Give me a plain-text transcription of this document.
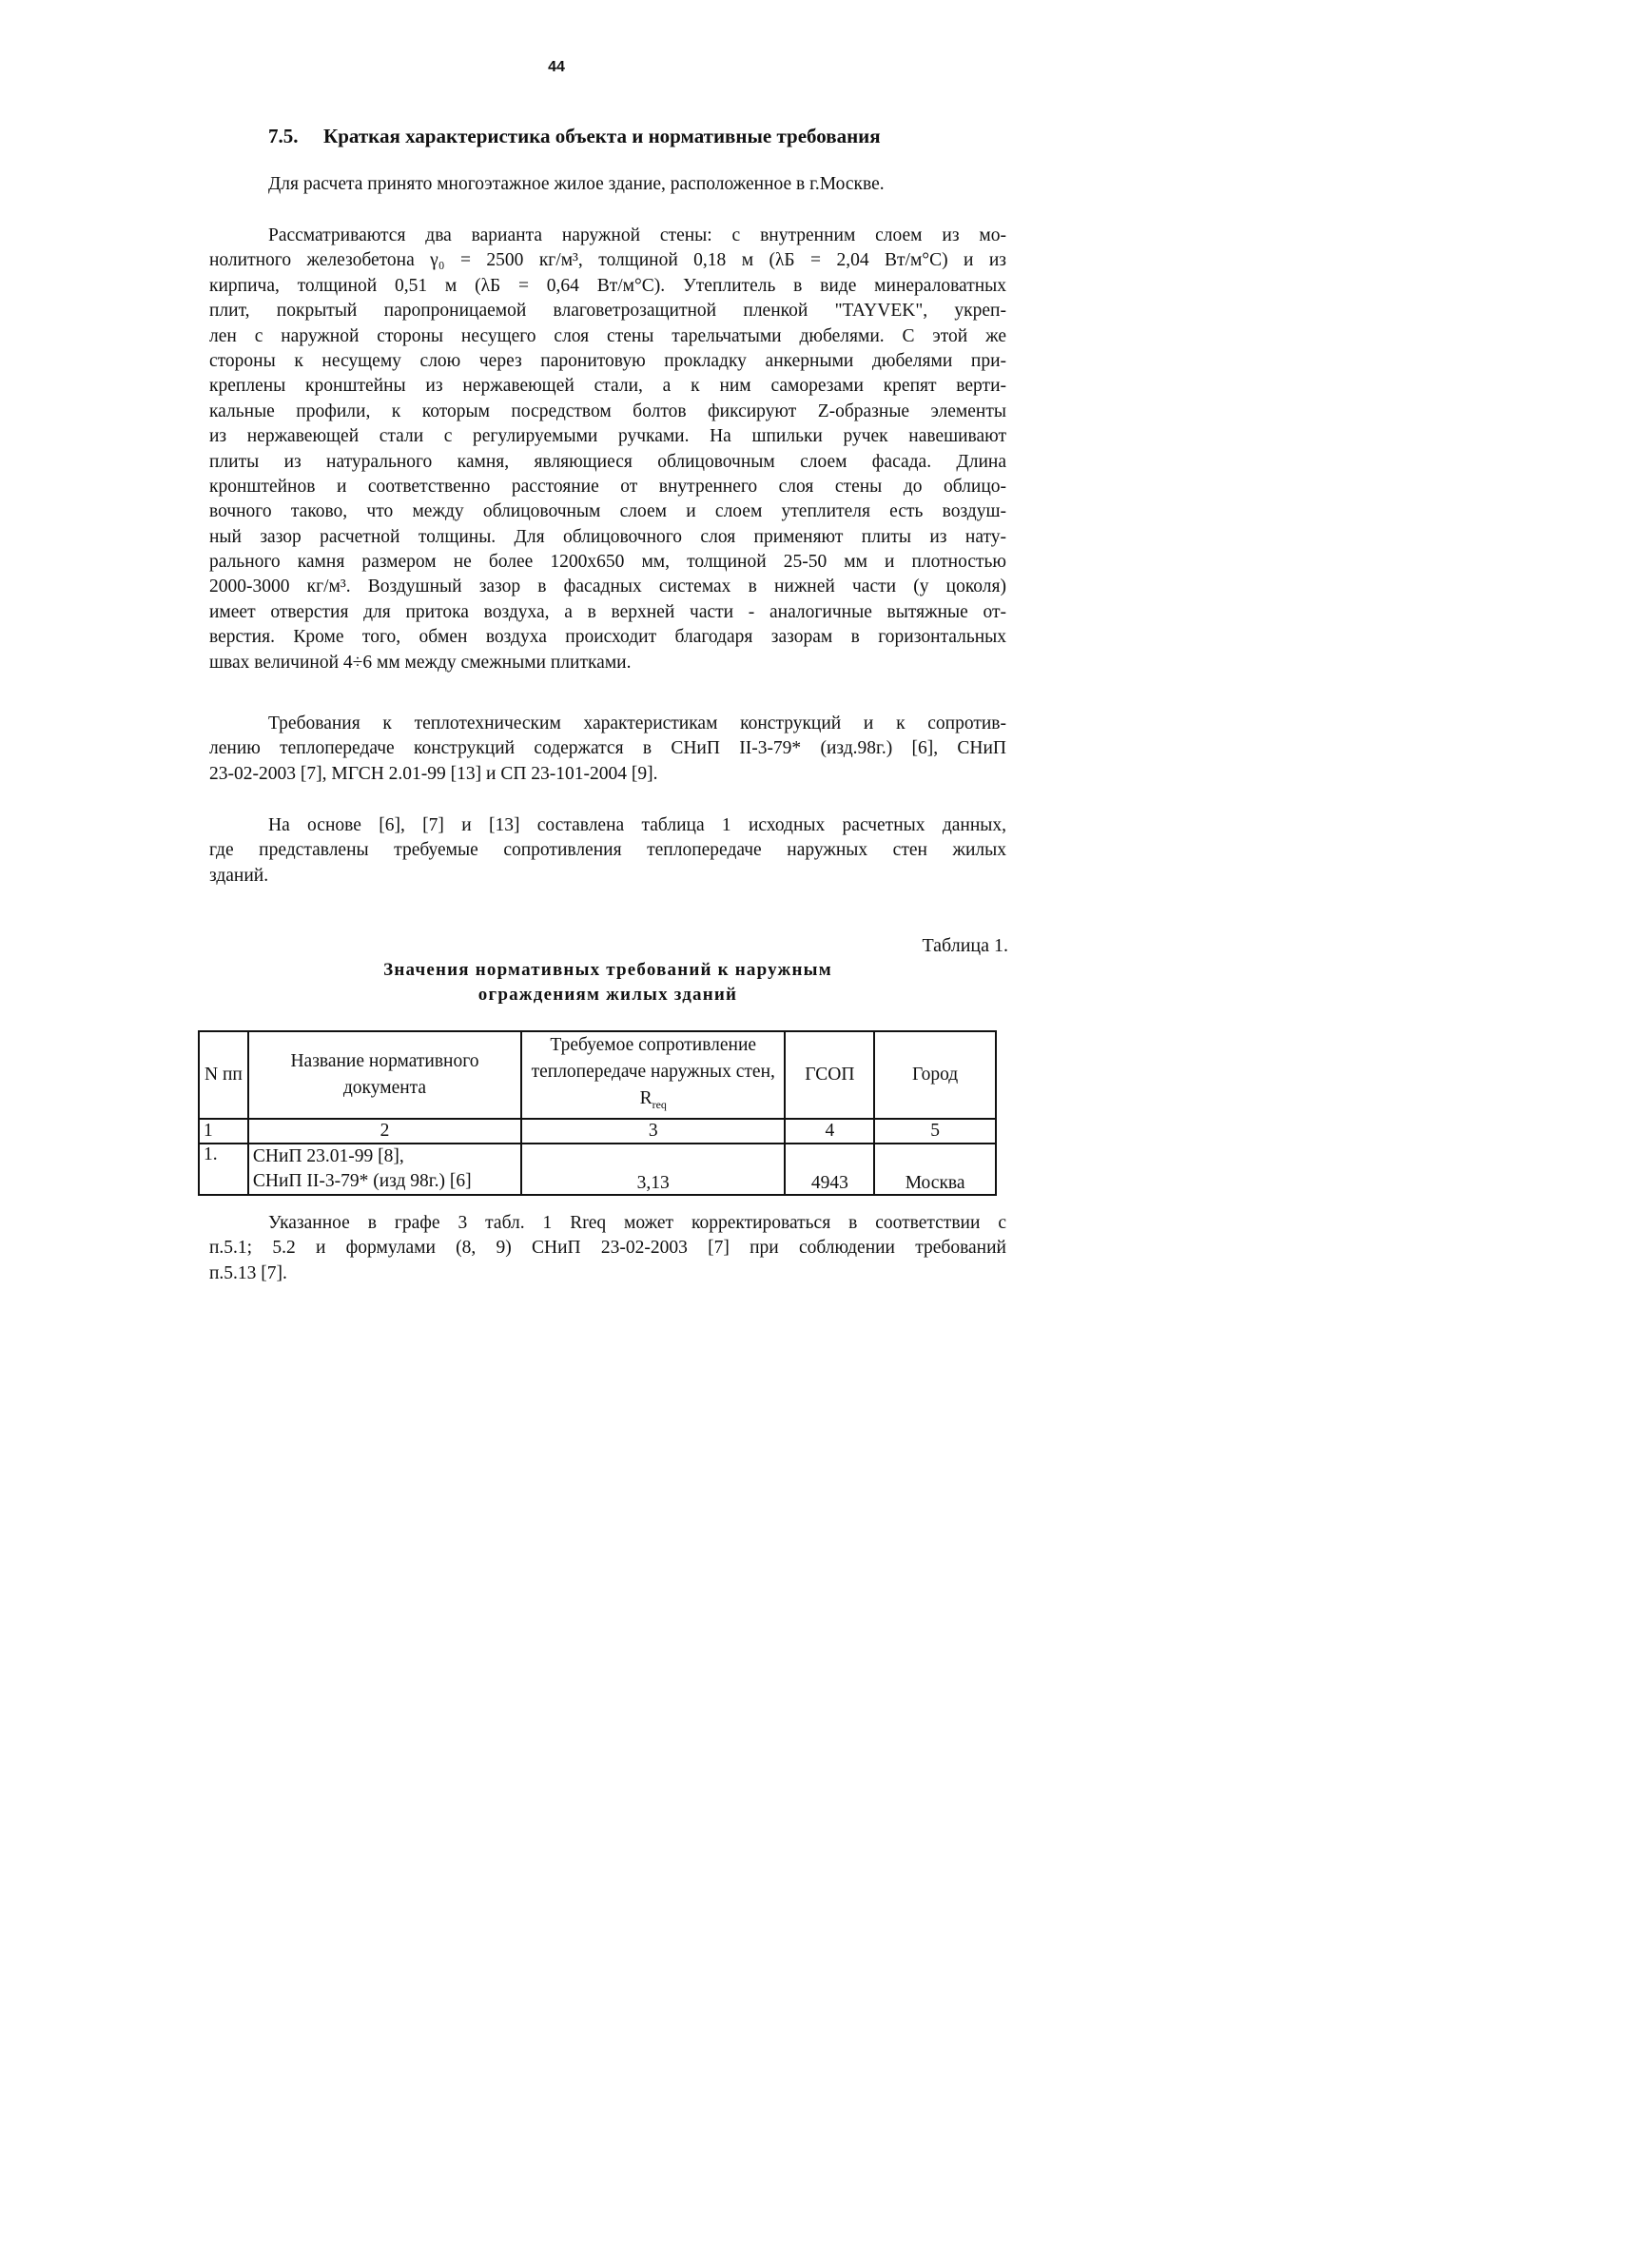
44
7.5. Краткая характеристика объекта и нормативные требования
Для расчета принято многоэтажное жилое здание, расположенное в г.Москве.
Рассматриваются два варианта наружной стены: с внутренним слоем из мо-
нолитного железобетона γ₀ = 2500 кг/м³, толщиной 0,18 м (λБ = 2,04 Вт/м°С) и из
кирпича, толщиной 0,51 м (λБ = 0,64 Вт/м°С). Утеплитель в виде минераловатных
плит, покрытый паропроницаемой влаговетрозащитной пленкой "TAYVEK", укреп-
лен с наружной стороны несущего слоя стены тарельчатыми дюбелями. С этой же
стороны к несущему слою через паронитовую прокладку анкерными дюбелями при-
креплены кронштейны из нержавеющей стали, а к ним саморезами крепят верти-
кальные профили, к которым посредством болтов фиксируют Z-образные элементы
из нержавеющей стали с регулируемыми ручками. На шпильки ручек навешивают
плиты из натурального камня, являющиеся облицовочным слоем фасада. Длина
кронштейнов и соответственно расстояние от внутреннего слоя стены до облицо-
вочного таково, что между облицовочным слоем и слоем утеплителя есть воздуш-
ный зазор расчетной толщины. Для облицовочного слоя применяют плиты из нату-
рального камня размером не более 1200х650 мм, толщиной 25-50 мм и плотностью
2000-3000 кг/м³. Воздушный зазор в фасадных системах в нижней части (у цоколя)
имеет отверстия для притока воздуха, а в верхней части - аналогичные вытяжные от-
верстия. Кроме того, обмен воздуха происходит благодаря зазорам в горизонтальных
швах величиной 4÷6 мм между смежными плитками.
Требования к теплотехническим характеристикам конструкций и к сопротив-
лению теплопередаче конструкций содержатся в СНиП II-3-79* (изд.98г.) [6], СНиП
23-02-2003 [7], МГСН 2.01-99 [13] и СП 23-101-2004 [9].
На основе [6], [7] и [13] составлена таблица 1 исходных расчетных данных,
где представлены требуемые сопротивления теплопередаче наружных стен жилых
зданий.
Таблица 1.
Значения нормативных требований к наружным
ограждениям жилых зданий
N пп	Название нормативного документа	Требуемое сопротивление теплопередаче наружных стен, $R_{req}$	ГСОП	Город
1	2	3	4	5
1.	СНиП 23.01-99 [8],
СНиП II-3-79* (изд 98г.) [6]	3,13	4943	Москва
Указанное в графе 3 табл. 1 Rreq может корректироваться в соответствии с
п.5.1; 5.2 и формулами (8, 9) СНиП 23-02-2003 [7] при соблюдении требований
п.5.13 [7].
